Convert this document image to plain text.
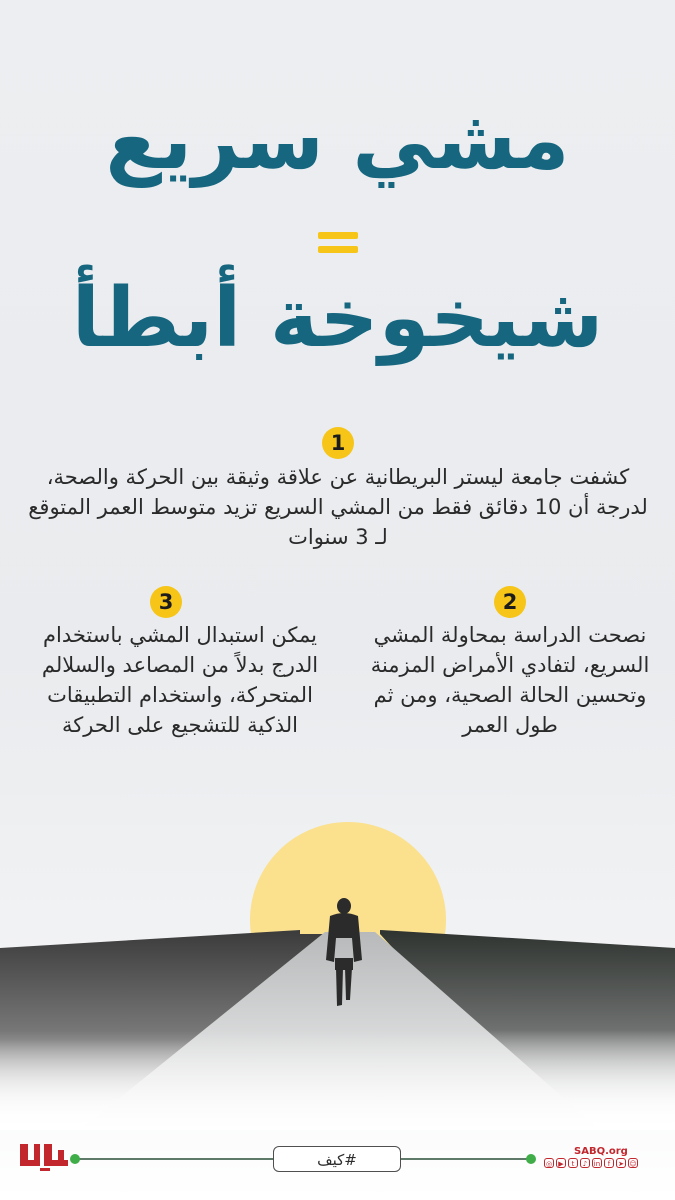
مشي سريع
شيخوخة أبطأ
1
كشفت جامعة ليستر البريطانية عن علاقة وثيقة بين الحركة والصحة، لدرجة أن 10 دقائق فقط من المشي السريع تزيد متوسط العمر المتوقع لـ 3 سنوات
2
نصحت الدراسة بمحاولة المشي السريع، لتفادي الأمراض المزمنة وتحسين الحالة الصحية، ومن ثم طول العمر
3
يمكن استبدال المشي باستخدام الدرج بدلاً من المصاعد والسلالم المتحركة، واستخدام التطبيقات الذكية للتشجيع على الحركة
#كيف	SABQ.org
◎ ▶	t	♪ in	f	➤ ☺
